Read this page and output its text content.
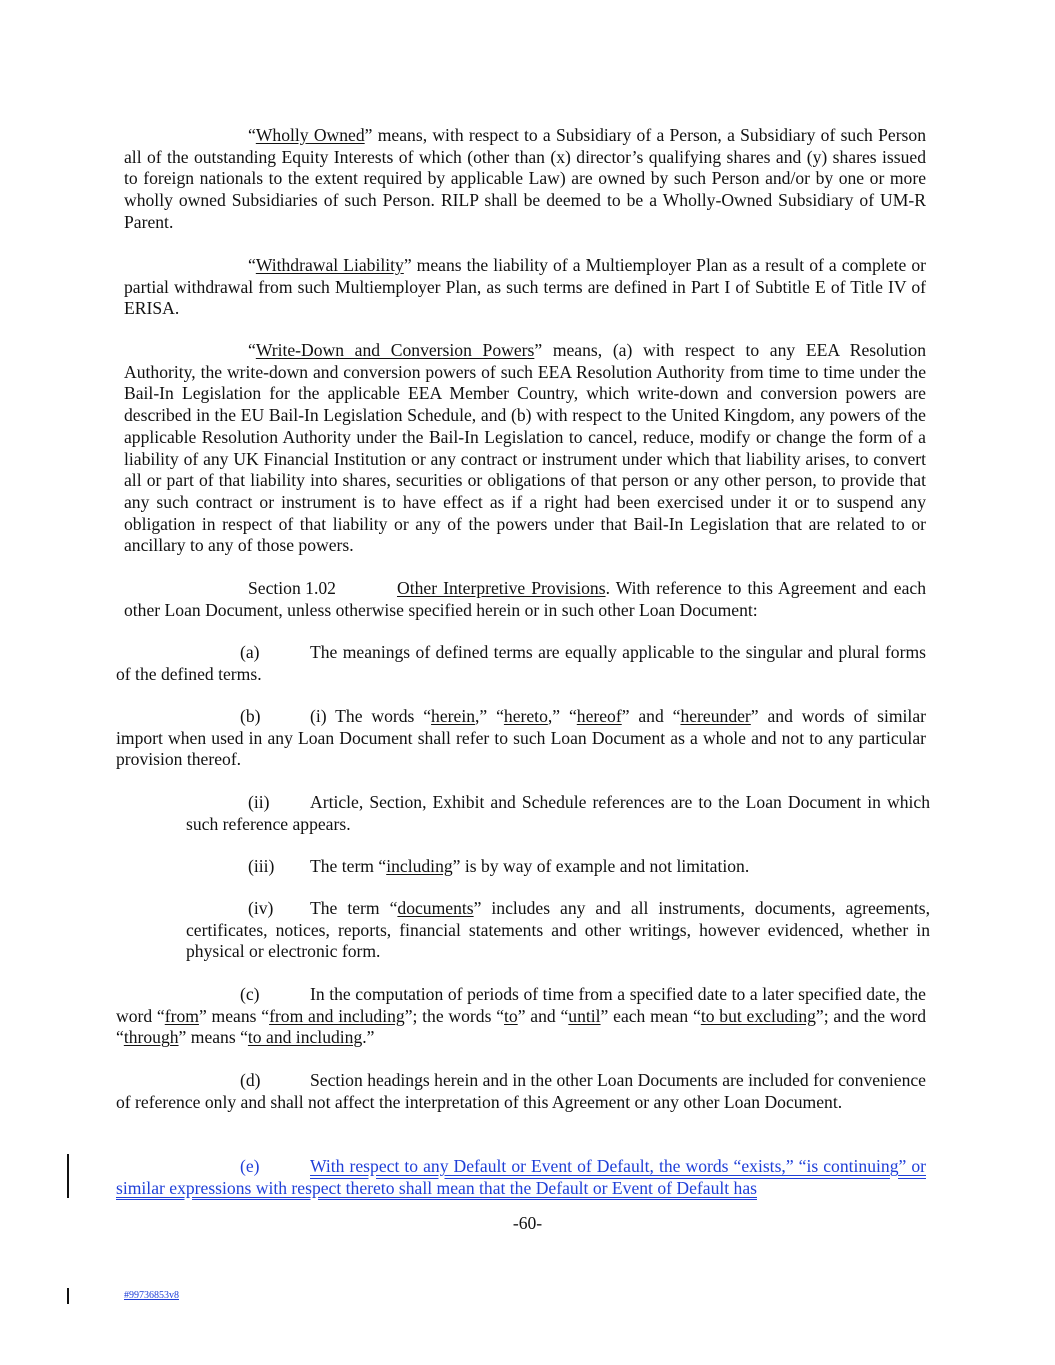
“Wholly Owned” means, with respect to a Subsidiary of a Person, a Subsidiary of such Person all of the outstanding Equity Interests of which (other than (x) director’s qualifying shares and (y) shares issued to foreign nationals to the extent required by applicable Law) are owned by such Person and/or by one or more wholly owned Subsidiaries of such Person. RILP shall be deemed to be a Wholly-Owned Subsidiary of UM-R Parent.
“Withdrawal Liability” means the liability of a Multiemployer Plan as a result of a complete or partial withdrawal from such Multiemployer Plan, as such terms are defined in Part I of Subtitle E of Title IV of ERISA.
“Write-Down and Conversion Powers” means, (a) with respect to any EEA Resolution Authority, the write-down and conversion powers of such EEA Resolution Authority from time to time under the Bail-In Legislation for the applicable EEA Member Country, which write-down and conversion powers are described in the EU Bail-In Legislation Schedule, and (b) with respect to the United Kingdom, any powers of the applicable Resolution Authority under the Bail-In Legislation to cancel, reduce, modify or change the form of a liability of any UK Financial Institution or any contract or instrument under which that liability arises, to convert all or part of that liability into shares, securities or obligations of that person or any other person, to provide that any such contract or instrument is to have effect as if a right had been exercised under it or to suspend any obligation in respect of that liability or any of the powers under that Bail-In Legislation that are related to or ancillary to any of those powers.
Section 1.02	Other Interpretive Provisions. With reference to this Agreement and each other Loan Document, unless otherwise specified herein or in such other Loan Document:
(a)	The meanings of defined terms are equally applicable to the singular and plural forms of the defined terms.
(b)	(i) The words “herein,” “hereto,” “hereof” and “hereunder” and words of similar import when used in any Loan Document shall refer to such Loan Document as a whole and not to any particular provision thereof.
(ii) Article, Section, Exhibit and Schedule references are to the Loan Document in which such reference appears.
(iii) The term “including” is by way of example and not limitation.
(iv) The term “documents” includes any and all instruments, documents, agreements, certificates, notices, reports, financial statements and other writings, however evidenced, whether in physical or electronic form.
(c)	In the computation of periods of time from a specified date to a later specified date, the word “from” means “from and including”; the words “to” and “until” each mean “to but excluding”; and the word “through” means “to and including.”
(d)	Section headings herein and in the other Loan Documents are included for convenience of reference only and shall not affect the interpretation of this Agreement or any other Loan Document.
(e)	With respect to any Default or Event of Default, the words “exists,” “is continuing” or similar expressions with respect thereto shall mean that the Default or Event of Default has
-60-
#99736853v8
